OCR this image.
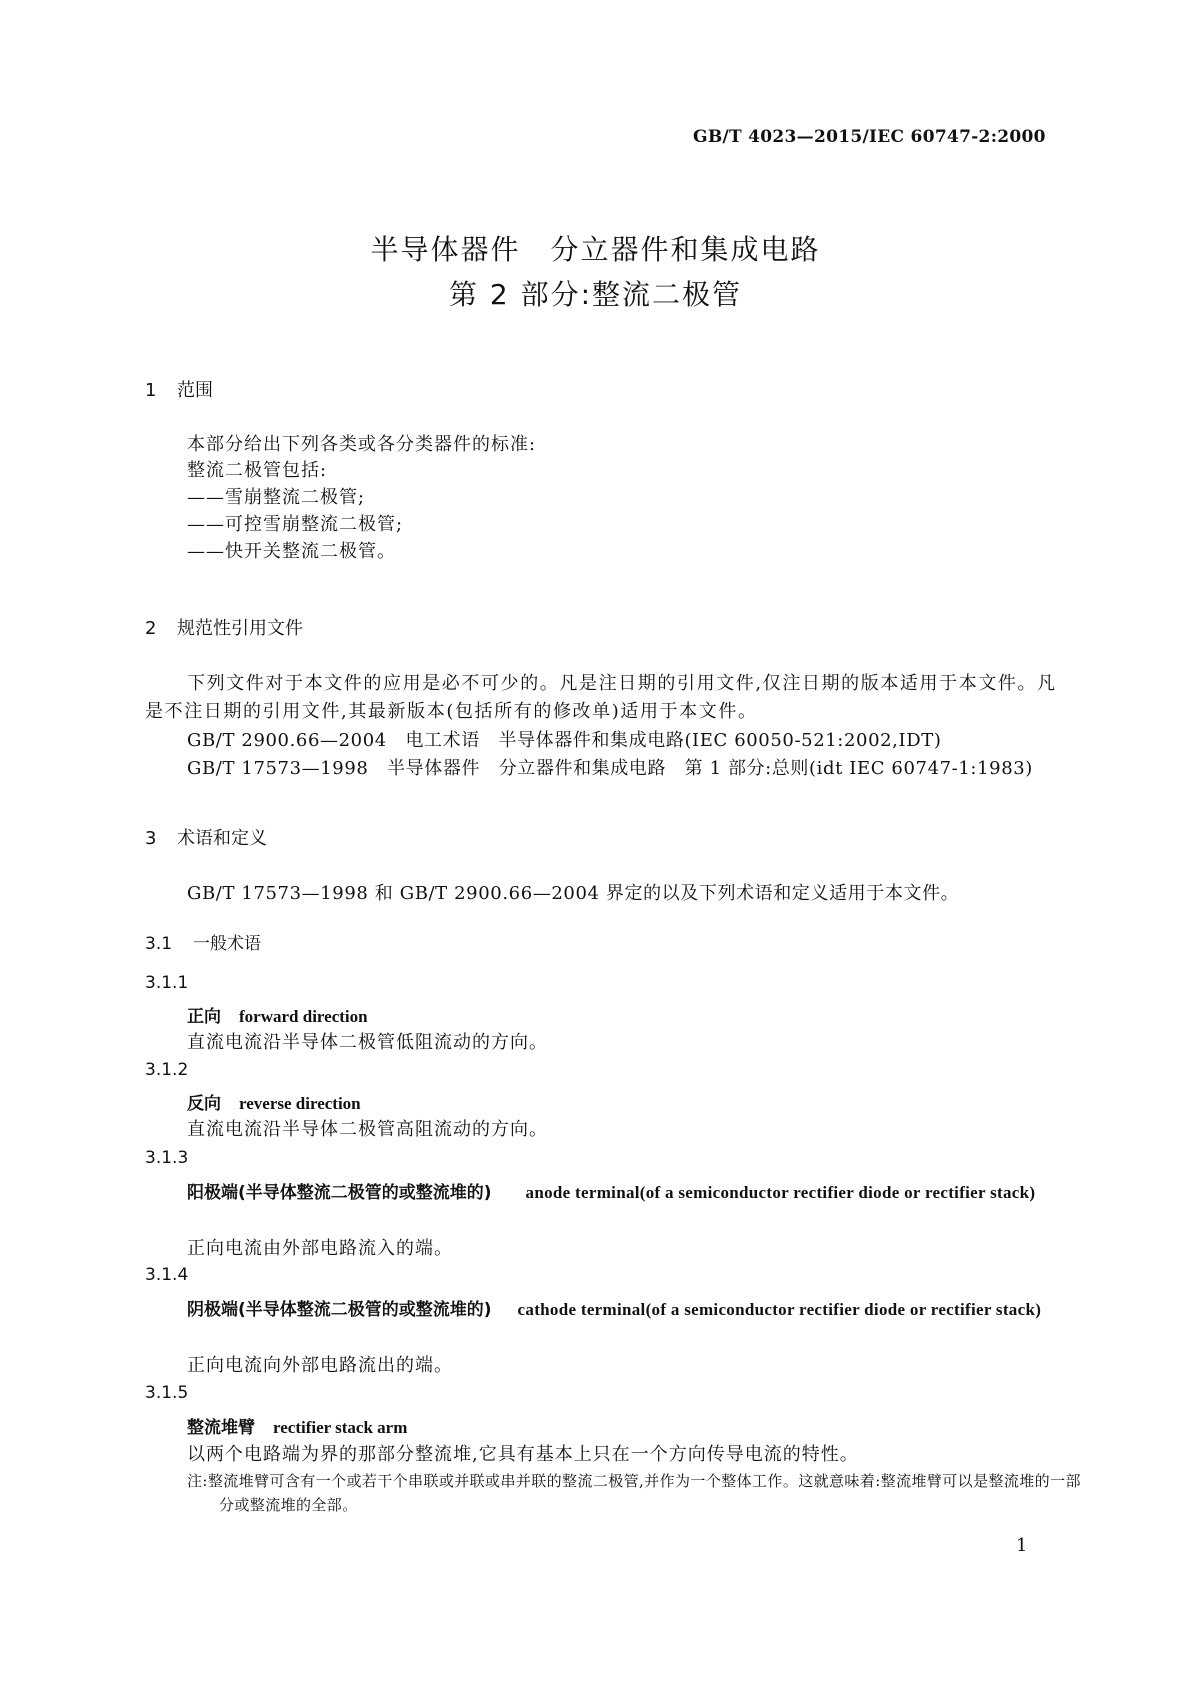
GB/T 4023—2015/IEC 60747-2:2000
半导体器件　分立器件和集成电路
第 2 部分:整流二极管
1 范围
本部分给出下列各类或各分类器件的标准:
整流二极管包括:
——雪崩整流二极管;
——可控雪崩整流二极管;
——快开关整流二极管。
2 规范性引用文件
下列文件对于本文件的应用是必不可少的。凡是注日期的引用文件,仅注日期的版本适用于本文件。凡是不注日期的引用文件,其最新版本(包括所有的修改单)适用于本文件。
GB/T 2900.66—2004　电工术语　半导体器件和集成电路(IEC 60050-521:2002,IDT)
GB/T 17573—1998　半导体器件　分立器件和集成电路　第 1 部分:总则(idt IEC 60747-1:1983)
3 术语和定义
GB/T 17573—1998 和 GB/T 2900.66—2004 界定的以及下列术语和定义适用于本文件。
3.1 一般术语
3.1.1
正向 forward direction
直流电流沿半导体二极管低阻流动的方向。
3.1.2
反向 reverse direction
直流电流沿半导体二极管高阻流动的方向。
3.1.3
阳极端(半导体整流二极管的或整流堆的) anode terminal(of a semiconductor rectifier diode or rectifier stack)
正向电流由外部电路流入的端。
3.1.4
阴极端(半导体整流二极管的或整流堆的) cathode terminal(of a semiconductor rectifier diode or rectifier stack)
正向电流向外部电路流出的端。
3.1.5
整流堆臂 rectifier stack arm
以两个电路端为界的那部分整流堆,它具有基本上只在一个方向传导电流的特性。
注:整流堆臂可含有一个或若干个串联或并联或串并联的整流二极管,并作为一个整体工作。这就意味着:整流堆臂可以是整流堆的一部分或整流堆的全部。
1
